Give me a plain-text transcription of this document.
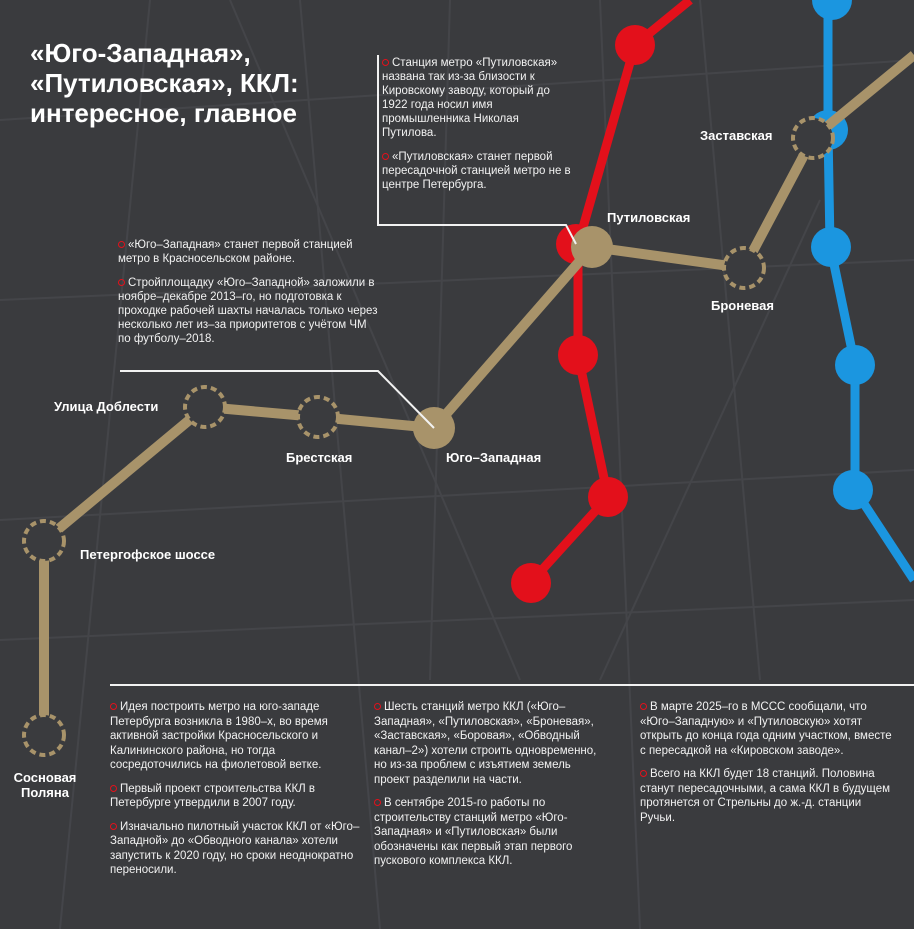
«Юго-Западная»,
«Путиловская», ККЛ:
интересное, главное
Путиловская
Заставская
Броневая
Улица Доблести
Брестская	Юго–Западная
Петергофское шоссе
Сосновая
Поляна

Станция метро «Путиловская» названа так из-за близости к Кировскому заводу, который до 1922 года носил имя промышленника Николая Путилова.

«Путиловская» станет первой пересадочной станцией метро не в центре Петербурга.

«Юго–Западная» станет первой станцией метро в Красносельском районе.

Стройплощадку «Юго–Западной» заложили в ноябре–декабре 2013–го, но подготовка к проходке рабочей шахты началась только через несколько лет из–за приоритетов с учётом ЧМ по футболу–2018.

Идея построить метро на юго-западе Петербурга возникла в 1980–х, во время активной застройки Красносельского и Калининского района, но тогда сосредоточились на фиолетовой ветке.
Первый проект строительства ККЛ в Петербурге утвердили в 2007 году.
Изначально пилотный участок ККЛ от «Юго–Западной» до «Обводного канала» хотели запустить к 2020 году, но сроки неоднократно переносили.
Шесть станций метро ККЛ («Юго–Западная», «Путиловская», «Броневая», «Заставская», «Боровая», «Обводный канал–2») хотели строить одновременно, но из-за проблем с изъятием земель проект разделили на части.
В сентябре 2015-го работы по строительству станций метро «Юго-Западная» и «Путиловская» были обозначены как первый этап первого пускового комплекса ККЛ.
В марте 2025–го в МССС сообщали, что «Юго–Западную» и «Путиловскую» хотят открыть до конца года одним участком, вместе с пересадкой на «Кировском заводе».
Всего на ККЛ будет 18 станций. Половина станут пересадочными, а сама ККЛ в будущем протянется от Стрельны до ж.-д. станции Ручьи.
